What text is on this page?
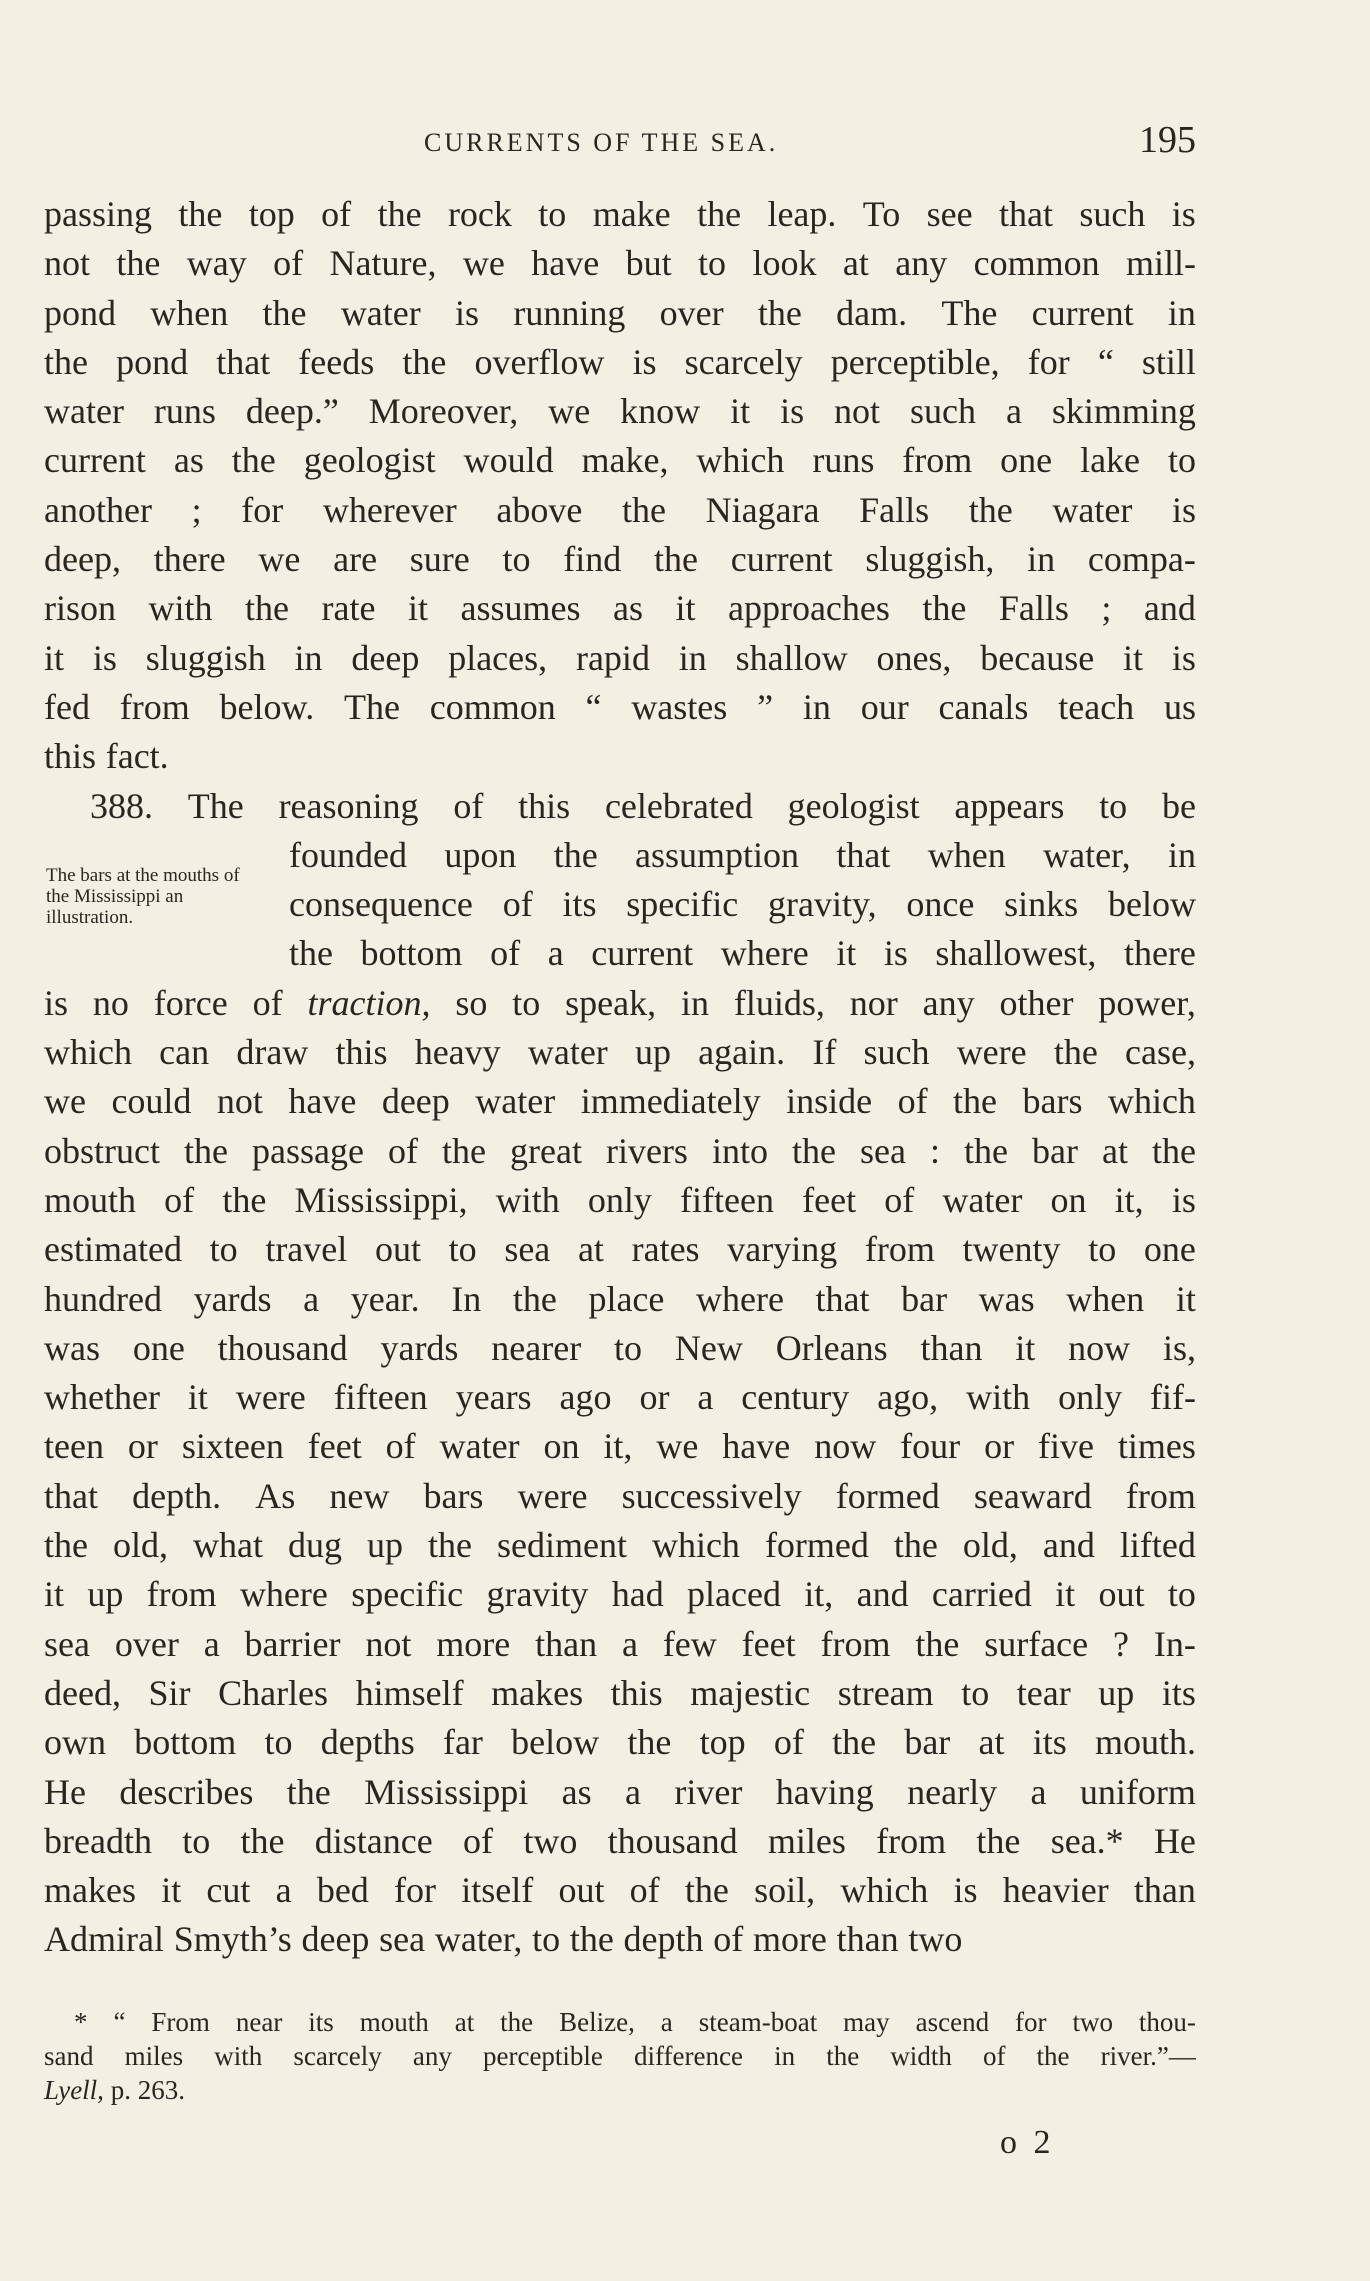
CURRENTS OF THE SEA.	195
The bars at the mouths of the Mississippi an illustration.
passing the top of the rock to make the leap. To see that such is
not the way of Nature, we have but to look at any common mill-
pond when the water is running over the dam. The current in
the pond that feeds the overflow is scarcely perceptible, for “ still
water runs deep.” Moreover, we know it is not such a skimming
current as the geologist would make, which runs from one lake to
another ; for wherever above the Niagara Falls the water is
deep, there we are sure to find the current sluggish, in compa-
rison with the rate it assumes as it approaches the Falls ; and
it is sluggish in deep places, rapid in shallow ones, because it is
fed from below. The common “ wastes ” in our canals teach us
this fact.
388. The reasoning of this celebrated geologist appears to be
founded upon the assumption that when water, in
consequence of its specific gravity, once sinks below
the bottom of a current where it is shallowest, there
is no force of traction, so to speak, in fluids, nor any other power,
which can draw this heavy water up again. If such were the case,
we could not have deep water immediately inside of the bars which
obstruct the passage of the great rivers into the sea : the bar at the
mouth of the Mississippi, with only fifteen feet of water on it, is
estimated to travel out to sea at rates varying from twenty to one
hundred yards a year. In the place where that bar was when it
was one thousand yards nearer to New Orleans than it now is,
whether it were fifteen years ago or a century ago, with only fif-
teen or sixteen feet of water on it, we have now four or five times
that depth. As new bars were successively formed seaward from
the old, what dug up the sediment which formed the old, and lifted
it up from where specific gravity had placed it, and carried it out to
sea over a barrier not more than a few feet from the surface ? In-
deed, Sir Charles himself makes this majestic stream to tear up its
own bottom to depths far below the top of the bar at its mouth.
He describes the Mississippi as a river having nearly a uniform
breadth to the distance of two thousand miles from the sea.* He
makes it cut a bed for itself out of the soil, which is heavier than
Admiral Smyth’s deep sea water, to the depth of more than two
* “ From near its mouth at the Belize, a steam-boat may ascend for two thou-
sand miles with scarcely any perceptible difference in the width of the river.”—
Lyell, p. 263.
o 2
